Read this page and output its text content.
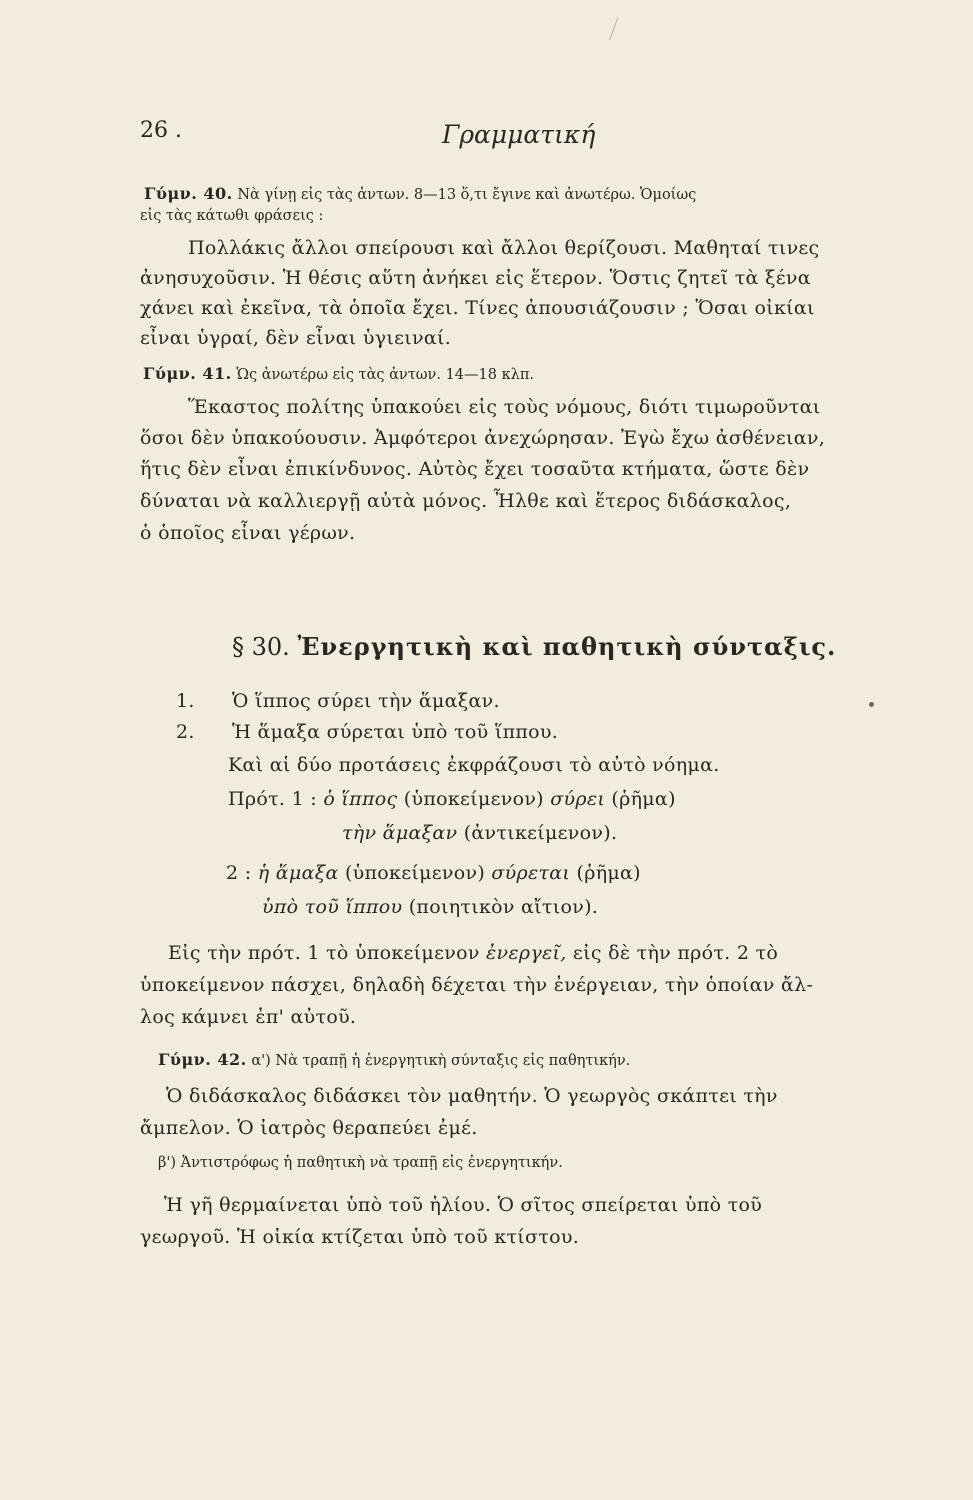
26 .	Γραμματική
Γύμν. 40. Νὰ γίνῃ εἰς τὰς ἀντων. 8—13 ὅ,τι ἔγινε καὶ ἀνωτέρω. Ὁμοίως
εἰς τὰς κάτωθι φράσεις :
Πολλάκις ἄλλοι σπείρουσι καὶ ἄλλοι θερίζουσι. Μαθηταί τινες
ἀνησυχοῦσιν. Ἡ θέσις αὕτη ἀνήκει εἰς ἕτερον. Ὅστις ζητεῖ τὰ ξένα
χάνει καὶ ἐκεῖνα, τὰ ὁποῖα ἔχει. Τίνες ἀπουσιάζουσιν ; Ὅσαι οἰκίαι
εἶναι ὑγραί, δὲν εἶναι ὑγιειναί.
Γύμν. 41. Ὡς ἀνωτέρω εἰς τὰς ἀντων. 14—18 κλπ.
Ἕκαστος πολίτης ὑπακούει εἰς τοὺς νόμους, διότι τιμωροῦνται
ὅσοι δὲν ὑπακούουσιν. Ἀμφότεροι ἀνεχώρησαν. Ἐγὼ ἔχω ἀσθένειαν,
ἥτις δὲν εἶναι ἐπικίνδυνος. Αὐτὸς ἔχει τοσαῦτα κτήματα, ὥστε δὲν
δύναται νὰ καλλιεργῇ αὐτὰ μόνος. Ἦλθε καὶ ἕτερος διδάσκαλος,
ὁ ὁποῖος εἶναι γέρων.
§ 30. Ἐνεργητικὴ καὶ παθητικὴ σύνταξις.
1. Ὁ ἵππος σύρει τὴν ἅμαξαν.
2. Ἡ ἅμαξα σύρεται ὑπὸ τοῦ ἵππου.
Καὶ αἱ δύο προτάσεις ἐκφράζουσι τὸ αὐτὸ νόημα.
Πρότ. 1 : ὁ ἵππος (ὑποκείμενον) σύρει (ῥῆμα)
τὴν ἅμαξαν (ἀντικείμενον).
2 : ἡ ἅμαξα (ὑποκείμενον) σύρεται (ῥῆμα)
ὑπὸ τοῦ ἵππου (ποιητικὸν αἴτιον).
Εἰς τὴν πρότ. 1 τὸ ὑποκείμενον ἐνεργεῖ, εἰς δὲ τὴν πρότ. 2 τὸ
ὑποκείμενον πάσχει, δηλαδὴ δέχεται τὴν ἐνέργειαν, τὴν ὁποίαν ἄλ-
λος κάμνει ἐπ' αὐτοῦ.
Γύμν. 42. α') Νὰ τραπῇ ἡ ἐνεργητικὴ σύνταξις εἰς παθητικήν.
Ὁ διδάσκαλος διδάσκει τὸν μαθητήν. Ὁ γεωργὸς σκάπτει τὴν
ἄμπελον. Ὁ ἰατρὸς θεραπεύει ἐμέ.
β') Ἀντιστρόφως ἡ παθητικὴ νὰ τραπῇ εἰς ἐνεργητικήν.
Ἡ γῆ θερμαίνεται ὑπὸ τοῦ ἡλίου. Ὁ σῖτος σπείρεται ὑπὸ τοῦ
γεωργοῦ. Ἡ οἰκία κτίζεται ὑπὸ τοῦ κτίστου.
